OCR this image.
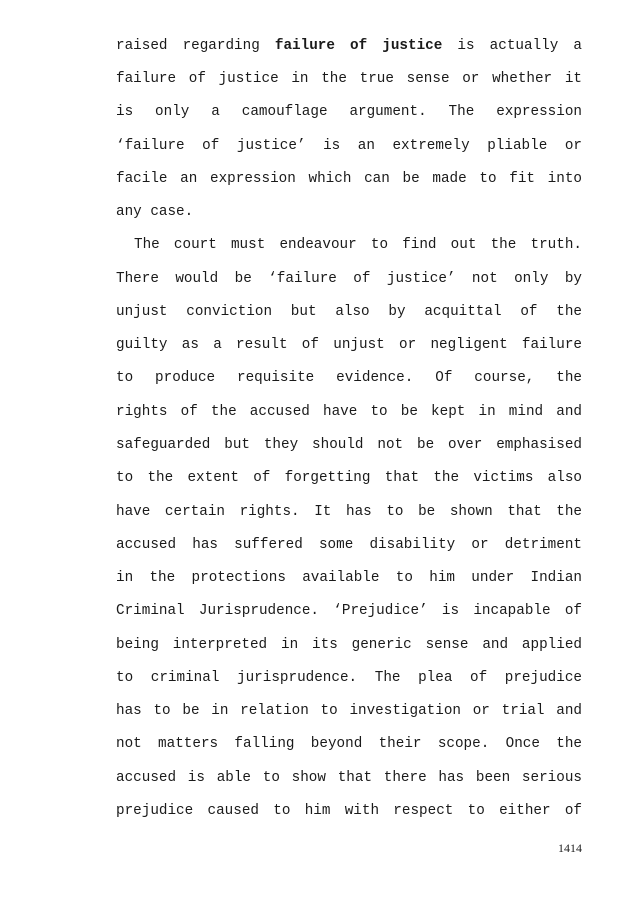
raised regarding failure of justice is actually a
failure of justice in the true sense or whether it
is only a camouflage argument. The expression
‘failure of justice’ is an extremely pliable or
facile an expression which can be made to fit into
any case.
The court must endeavour to find out the truth.
There would be ‘failure of justice’ not only by
unjust conviction but also by acquittal of the
guilty as a result of unjust or negligent failure
to produce requisite evidence. Of course, the
rights of the accused have to be kept in mind and
safeguarded but they should not be over emphasised
to the extent of forgetting that the victims also
have certain rights. It has to be shown that the
accused has suffered some disability or detriment
in the protections available to him under Indian
Criminal Jurisprudence. ‘Prejudice’ is incapable of
being interpreted in its generic sense and applied
to criminal jurisprudence. The plea of prejudice
has to be in relation to investigation or trial and
not matters falling beyond their scope. Once the
accused is able to show that there has been serious
prejudice caused to him with respect to either of
1414
